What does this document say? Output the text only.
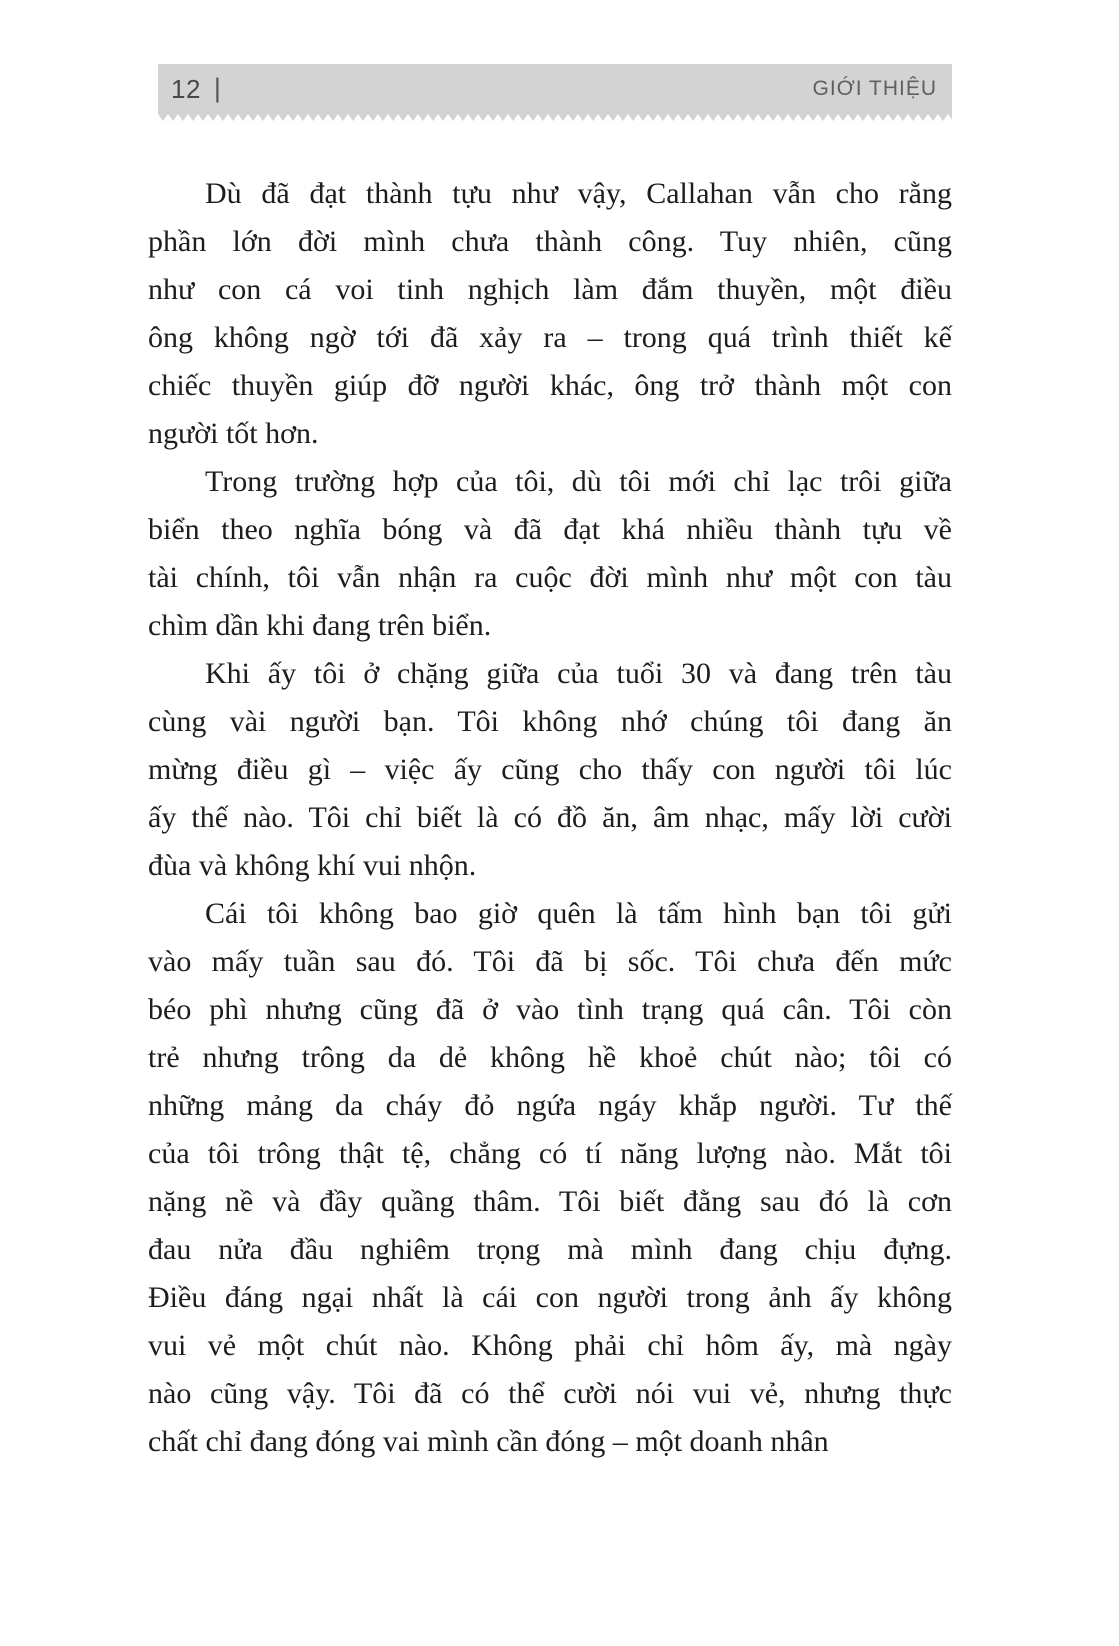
12 |	GIỚI THIỆU
Dù đã đạt thành tựu như vậy, Callahan vẫn cho rằng
phần lớn đời mình chưa thành công. Tuy nhiên, cũng
như con cá voi tinh nghịch làm đắm thuyền, một điều
ông không ngờ tới đã xảy ra – trong quá trình thiết kế
chiếc thuyền giúp đỡ người khác, ông trở thành một con
người tốt hơn.
Trong trường hợp của tôi, dù tôi mới chỉ lạc trôi giữa
biển theo nghĩa bóng và đã đạt khá nhiều thành tựu về
tài chính, tôi vẫn nhận ra cuộc đời mình như một con tàu
chìm dần khi đang trên biển.
Khi ấy tôi ở chặng giữa của tuổi 30 và đang trên tàu
cùng vài người bạn. Tôi không nhớ chúng tôi đang ăn
mừng điều gì – việc ấy cũng cho thấy con người tôi lúc
ấy thế nào. Tôi chỉ biết là có đồ ăn, âm nhạc, mấy lời cười
đùa và không khí vui nhộn.
Cái tôi không bao giờ quên là tấm hình bạn tôi gửi
vào mấy tuần sau đó. Tôi đã bị sốc. Tôi chưa đến mức
béo phì nhưng cũng đã ở vào tình trạng quá cân. Tôi còn
trẻ nhưng trông da dẻ không hề khoẻ chút nào; tôi có
những mảng da cháy đỏ ngứa ngáy khắp người. Tư thế
của tôi trông thật tệ, chẳng có tí năng lượng nào. Mắt tôi
nặng nề và đầy quầng thâm. Tôi biết đằng sau đó là cơn
đau nửa đầu nghiêm trọng mà mình đang chịu đựng.
Điều đáng ngại nhất là cái con người trong ảnh ấy không
vui vẻ một chút nào. Không phải chỉ hôm ấy, mà ngày
nào cũng vậy. Tôi đã có thể cười nói vui vẻ, nhưng thực
chất chỉ đang đóng vai mình cần đóng – một doanh nhân
